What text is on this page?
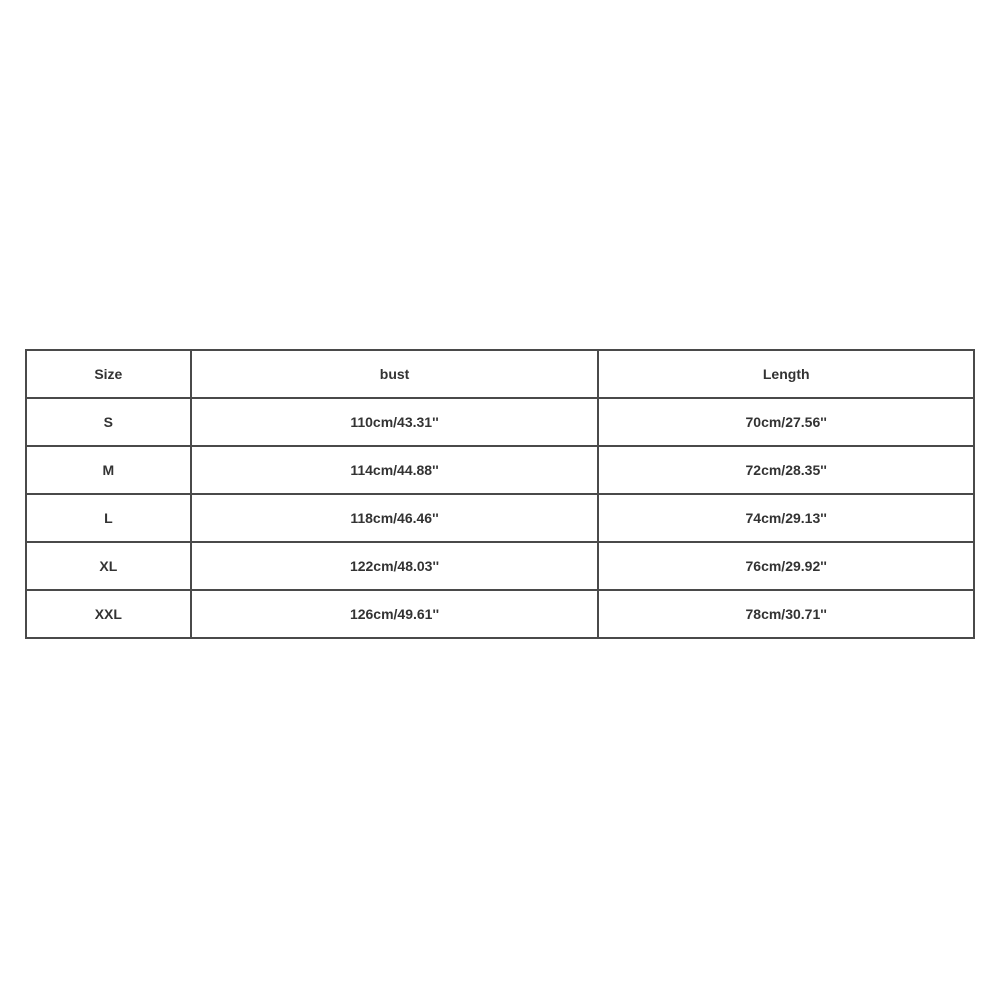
Size	bust	Length
S	110cm/43.31''	70cm/27.56''
M	114cm/44.88''	72cm/28.35''
L	118cm/46.46''	74cm/29.13''
XL	122cm/48.03''	76cm/29.92''
XXL	126cm/49.61''	78cm/30.71''
